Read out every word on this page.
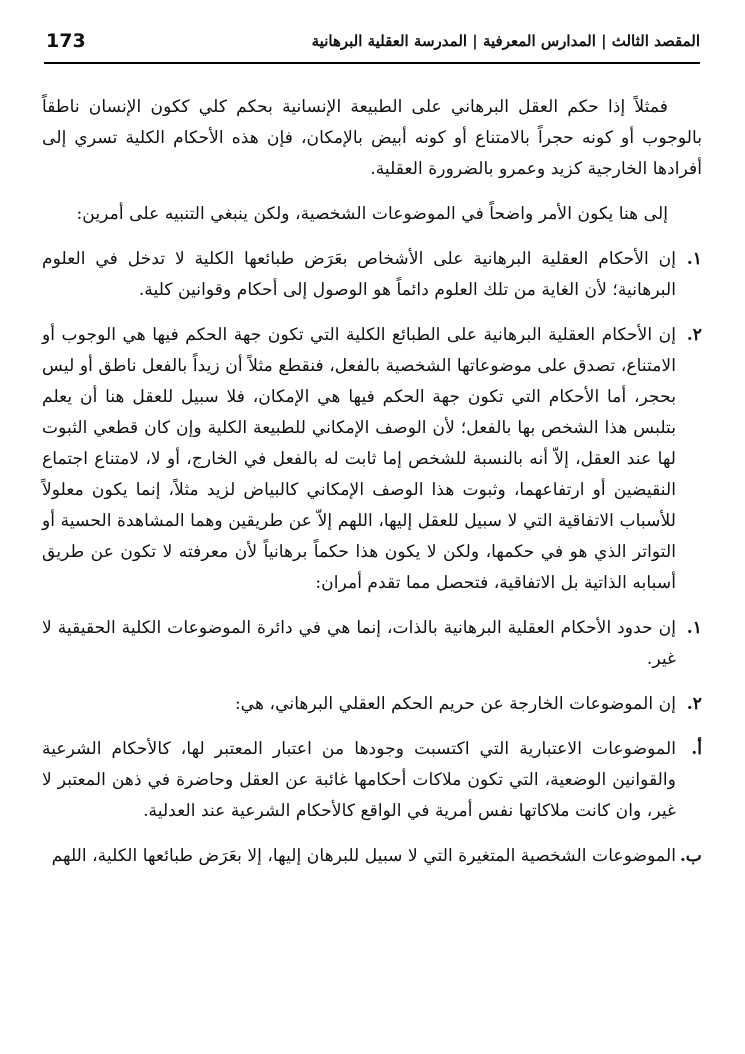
173	المقصد الثالث | المدارس المعرفية | المدرسة العقلية البرهانية

فمثلاً إذا حكم العقل البرهاني على الطبيعة الإنسانية بحكم كلي ككون الإنسان ناطقاً بالوجوب أو كونه حجراً بالامتناع أو كونه أبيض بالإمكان، فإن هذه الأحكام الكلية تسري إلى أفرادها الخارجية كزيد وعمرو بالضرورة العقلية.

إلى هنا يكون الأمر واضحاً في الموضوعات الشخصية، ولكن ينبغي التنبيه على أمرين:

١.
إن الأحكام العقلية البرهانية على الأشخاص بعَرَض طبائعها الكلية لا تدخل في العلوم البرهانية؛ لأن الغاية من تلك العلوم دائماً هو الوصول إلى أحكام وقوانين كلية.
٢.
إن الأحكام العقلية البرهانية على الطبائع الكلية التي تكون جهة الحكم فيها هي الوجوب أو الامتناع، تصدق على موضوعاتها الشخصية بالفعل، فنقطع مثلاً أن زيداً بالفعل ناطق أو ليس بحجر، أما الأحكام التي تكون جهة الحكم فيها هي الإمكان، فلا سبيل للعقل هنا أن يعلم بتلبس هذا الشخص بها بالفعل؛ لأن الوصف الإمكاني للطبيعة الكلية وإن كان قطعي الثبوت لها عند العقل، إلاّ أنه بالنسبة للشخص إما ثابت له بالفعل في الخارج، أو لا، لامتناع اجتماع النقيضين أو ارتفاعهما، وثبوت هذا الوصف الإمكاني كالبياض لزيد مثلاً، إنما يكون معلولاً للأسباب الاتفاقية التي لا سبيل للعقل إليها، اللهم إلاّ عن طريقين وهما المشاهدة الحسية أو التواتر الذي هو في حكمها، ولكن لا يكون هذا حكماً برهانياً لأن معرفته لا تكون عن طريق أسبابه الذاتية بل الاتفاقية، فتحصل مما تقدم أمران:
١.
إن حدود الأحكام العقلية البرهانية بالذات، إنما هي في دائرة الموضوعات الكلية الحقيقية لا غير.
٢.
إن الموضوعات الخارجة عن حريم الحكم العقلي البرهاني، هي:
أ.
الموضوعات الاعتبارية التي اكتسبت وجودها من اعتبار المعتبر لها، كالأحكام الشرعية والقوانين الوضعية، التي تكون ملاكات أحكامها غائبة عن العقل وحاضرة في ذهن المعتبر لا غير، وان كانت ملاكاتها نفس أمرية في الواقع كالأحكام الشرعية عند العدلية.
ب.
الموضوعات الشخصية المتغيرة التي لا سبيل للبرهان إليها، إلا بعَرَض طبائعها الكلية، اللهم
